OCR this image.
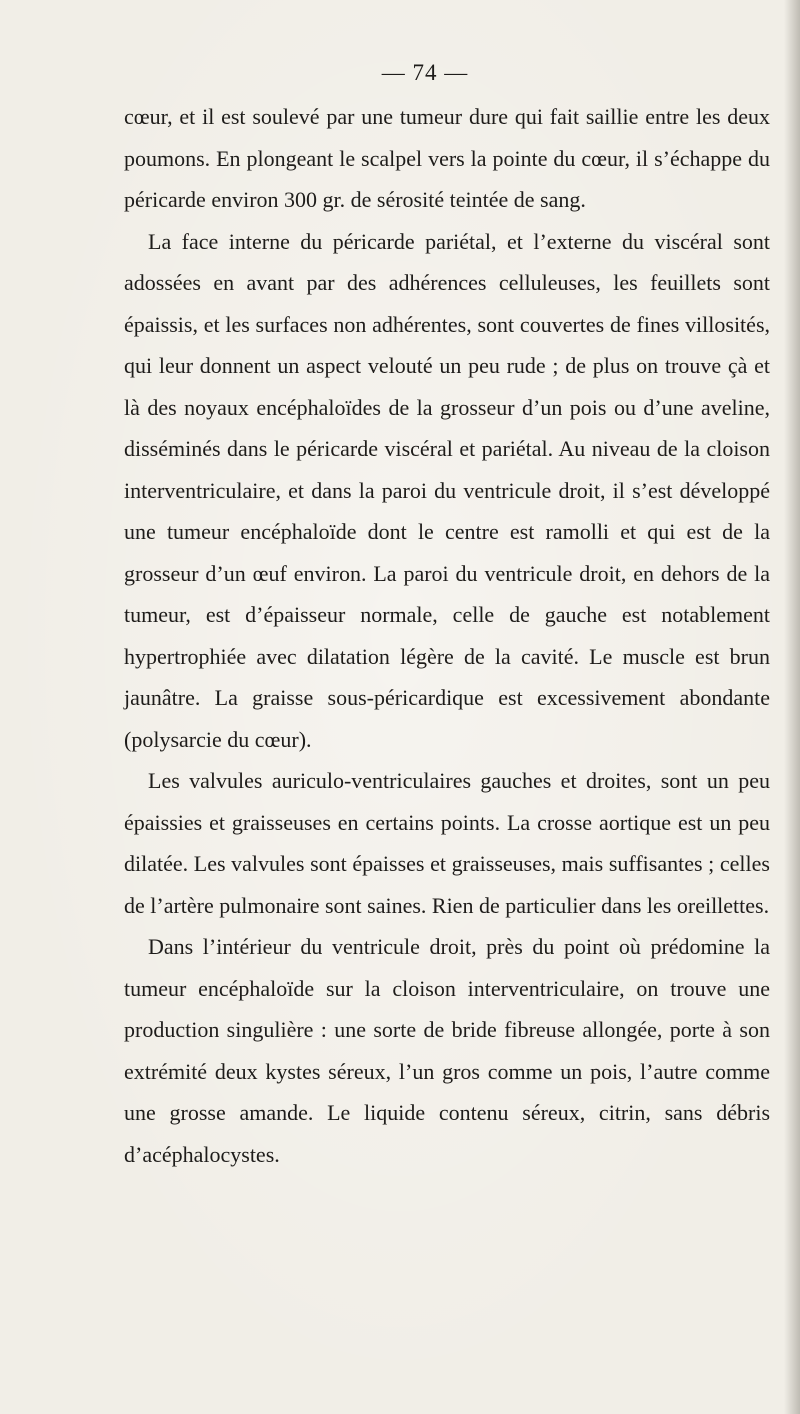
— 74 —

cœur, et il est soulevé par une tumeur dure qui fait saillie entre les deux poumons. En plongeant le scalpel vers la pointe du cœur, il s’échappe du péricarde environ 300 gr. de sérosité teintée de sang.

La face interne du péricarde pariétal, et l’externe du viscéral sont adossées en avant par des adhérences celluleuses, les feuillets sont épaissis, et les surfaces non adhérentes, sont couvertes de fines villosités, qui leur donnent un aspect velouté un peu rude ; de plus on trouve çà et là des noyaux encéphaloïdes de la grosseur d’un pois ou d’une aveline, disséminés dans le péricarde viscéral et pariétal. Au niveau de la cloison interventriculaire, et dans la paroi du ventricule droit, il s’est développé une tumeur encéphaloïde dont le centre est ramolli et qui est de la grosseur d’un œuf environ. La paroi du ventricule droit, en dehors de la tumeur, est d’épaisseur normale, celle de gauche est notablement hypertrophiée avec dilatation légère de la cavité. Le muscle est brun jaunâtre. La graisse sous-péricardique est excessivement abondante (polysarcie du cœur).

Les valvules auriculo-ventriculaires gauches et droites, sont un peu épaissies et graisseuses en certains points. La crosse aortique est un peu dilatée. Les valvules sont épaisses et graisseuses, mais suffisantes ; celles de l’artère pulmonaire sont saines. Rien de particulier dans les oreillettes.

Dans l’intérieur du ventricule droit, près du point où prédomine la tumeur encéphaloïde sur la cloison interventriculaire, on trouve une production singulière : une sorte de bride fibreuse allongée, porte à son extrémité deux kystes séreux, l’un gros comme un pois, l’autre comme une grosse amande. Le liquide contenu séreux, citrin, sans débris d’acéphalocystes.
